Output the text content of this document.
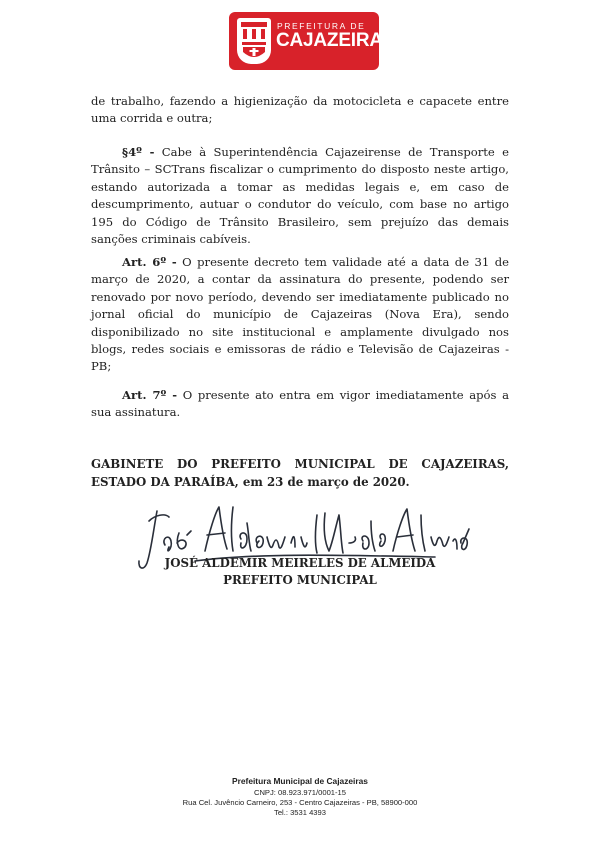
PREFEITURA DE
CAJAZEIRAS
de trabalho, fazendo a higienização da motocicleta e capacete entre uma corrida e outra;
§4º - Cabe à Superintendência Cajazeirense de Transporte e Trânsito – SCTrans fiscalizar o cumprimento do disposto neste artigo, estando autorizada a tomar as medidas legais e, em caso de descumprimento, autuar o condutor do veículo, com base no artigo 195 do Código de Trânsito Brasileiro, sem prejuízo das demais sanções criminais cabíveis.
Art. 6º - O presente decreto tem validade até a data de 31 de março de 2020, a contar da assinatura do presente, podendo ser renovado por novo período, devendo ser imediatamente publicado no jornal oficial do município de Cajazeiras (Nova Era), sendo disponibilizado no site institucional e amplamente divulgado nos blogs, redes sociais e emissoras de rádio e Televisão de Cajazeiras - PB;
Art. 7º - O presente ato entra em vigor imediatamente após a sua assinatura.
GABINETE DO PREFEITO MUNICIPAL DE CAJAZEIRAS, ESTADO DA PARAÍBA, em 23 de março de 2020.
JOSÉ ALDEMIR MEIRELES DE ALMEIDA
PREFEITO MUNICIPAL
Prefeitura Municipal de Cajazeiras
CNPJ: 08.923.971/0001-15
Rua Cel. Juvêncio Carneiro, 253 - Centro Cajazeiras - PB, 58900-000
Tel.: 3531 4393
